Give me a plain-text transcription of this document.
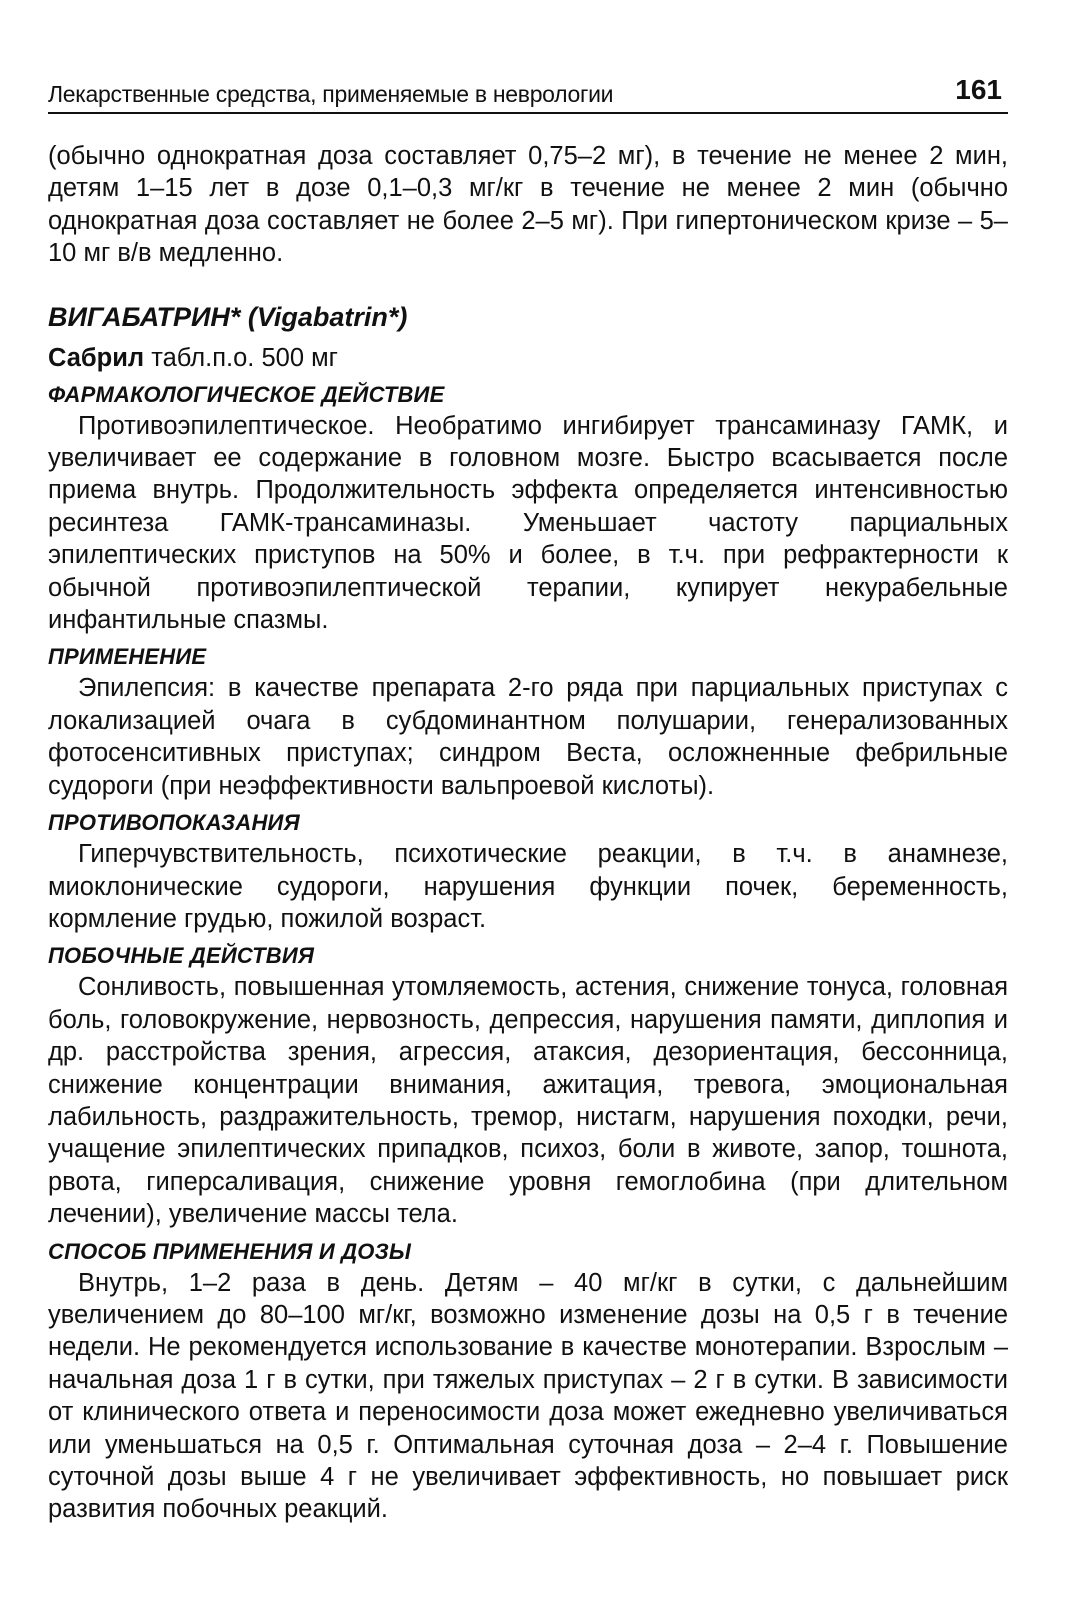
Лекарственные средства, применяемые в неврологии	161

(обычно однократная доза составляет 0,75–2 мг), в течение не менее 2 мин, детям 1–15 лет в дозе 0,1–0,3 мг/кг в течение не менее 2 мин (обычно однократная доза составляет не более 2–5 мг). При гипертоническом кризе – 5–10 мг в/в медленно.

ВИГАБАТРИН* (Vigabatrin*)
Сабрил табл.п.о. 500 мг
ФАРМАКОЛОГИЧЕСКОЕ ДЕЙСТВИЕ

Противоэпилептическое. Необратимо ингибирует трансаминазу ГАМК, и увеличивает ее содержание в головном мозге. Быстро всасывается после приема внутрь. Продолжительность эффекта определяется интенсивностью ресинтеза ГАМК-трансаминазы. Уменьшает частоту парциальных эпилептических приступов на 50% и более, в т.ч. при рефрактерности к обычной противоэпилептической терапии, купирует некурабельные инфантильные спазмы.

ПРИМЕНЕНИЕ

Эпилепсия: в качестве препарата 2-го ряда при парциальных приступах с локализацией очага в субдоминантном полушарии, генерализованных фотосенситивных приступах; синдром Веста, осложненные фебрильные судороги (при неэффективности вальпроевой кислоты).

ПРОТИВОПОКАЗАНИЯ

Гиперчувствительность, психотические реакции, в т.ч. в анамнезе, миоклонические судороги, нарушения функции почек, беременность, кормление грудью, пожилой возраст.

ПОБОЧНЫЕ ДЕЙСТВИЯ

Сонливость, повышенная утомляемость, астения, снижение тонуса, головная боль, головокружение, нервозность, депрессия, нарушения памяти, диплопия и др. расстройства зрения, агрессия, атаксия, дезориентация, бессонница, снижение концентрации внимания, ажитация, тревога, эмоциональная лабильность, раздражительность, тремор, нистагм, нарушения походки, речи, учащение эпилептических припадков, психоз, боли в животе, запор, тошнота, рвота, гиперсаливация, снижение уровня гемоглобина (при длительном лечении), увеличение массы тела.

СПОСОБ ПРИМЕНЕНИЯ И ДОЗЫ

Внутрь, 1–2 раза в день. Детям – 40 мг/кг в сутки, с дальнейшим увеличением до 80–100 мг/кг, возможно изменение дозы на 0,5 г в течение недели. Не рекомендуется использование в качестве монотерапии. Взрослым – начальная доза 1 г в сутки, при тяжелых приступах – 2 г в сутки. В зависимости от клинического ответа и переносимости доза может ежедневно увеличиваться или уменьшаться на 0,5 г. Оптимальная суточная доза – 2–4 г. Повышение суточной дозы выше 4 г не увеличивает эффективность, но повышает риск развития побочных реакций.
